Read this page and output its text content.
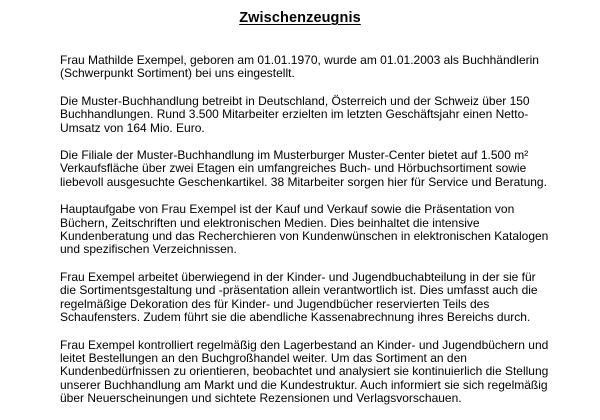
Zwischenzeugnis

Frau Mathilde Exempel, geboren am 01.01.1970, wurde am 01.01.2003 als Buchhändlerin
(Schwerpunkt Sortiment) bei uns eingestellt.

Die Muster-Buchhandlung betreibt in Deutschland, Österreich und der Schweiz über 150
Buchhandlungen. Rund 3.500 Mitarbeiter erzielten im letzten Geschäftsjahr einen Netto-
Umsatz von 164 Mio. Euro.

Die Filiale der Muster-Buchhandlung im Musterburger Muster-Center bietet auf 1.500 m²
Verkaufsfläche über zwei Etagen ein umfangreiches Buch- und Hörbuchsortiment sowie
liebevoll ausgesuchte Geschenkartikel. 38 Mitarbeiter sorgen hier für Service und Beratung.

Hauptaufgabe von Frau Exempel ist der Kauf und Verkauf sowie die Präsentation von
Büchern, Zeitschriften und elektronischen Medien. Dies beinhaltet die intensive
Kundenberatung und das Recherchieren von Kundenwünschen in elektronischen Katalogen
und spezifischen Verzeichnissen.

Frau Exempel arbeitet überwiegend in der Kinder- und Jugendbuchabteilung in der sie für
die Sortimentsgestaltung und -präsentation allein verantwortlich ist. Dies umfasst auch die
regelmäßige Dekoration des für Kinder- und Jugendbücher reservierten Teils des
Schaufensters. Zudem führt sie die abendliche Kassenabrechnung ihres Bereichs durch.

Frau Exempel kontrolliert regelmäßig den Lagerbestand an Kinder- und Jugendbüchern und
leitet Bestellungen an den Buchgroßhandel weiter. Um das Sortiment an den
Kundenbedürfnissen zu orientieren, beobachtet und analysiert sie kontinuierlich die Stellung
unserer Buchhandlung am Markt und die Kundestruktur. Auch informiert sie sich regelmäßig
über Neuerscheinungen und sichtete Rezensionen und Verlagsvorschauen.
